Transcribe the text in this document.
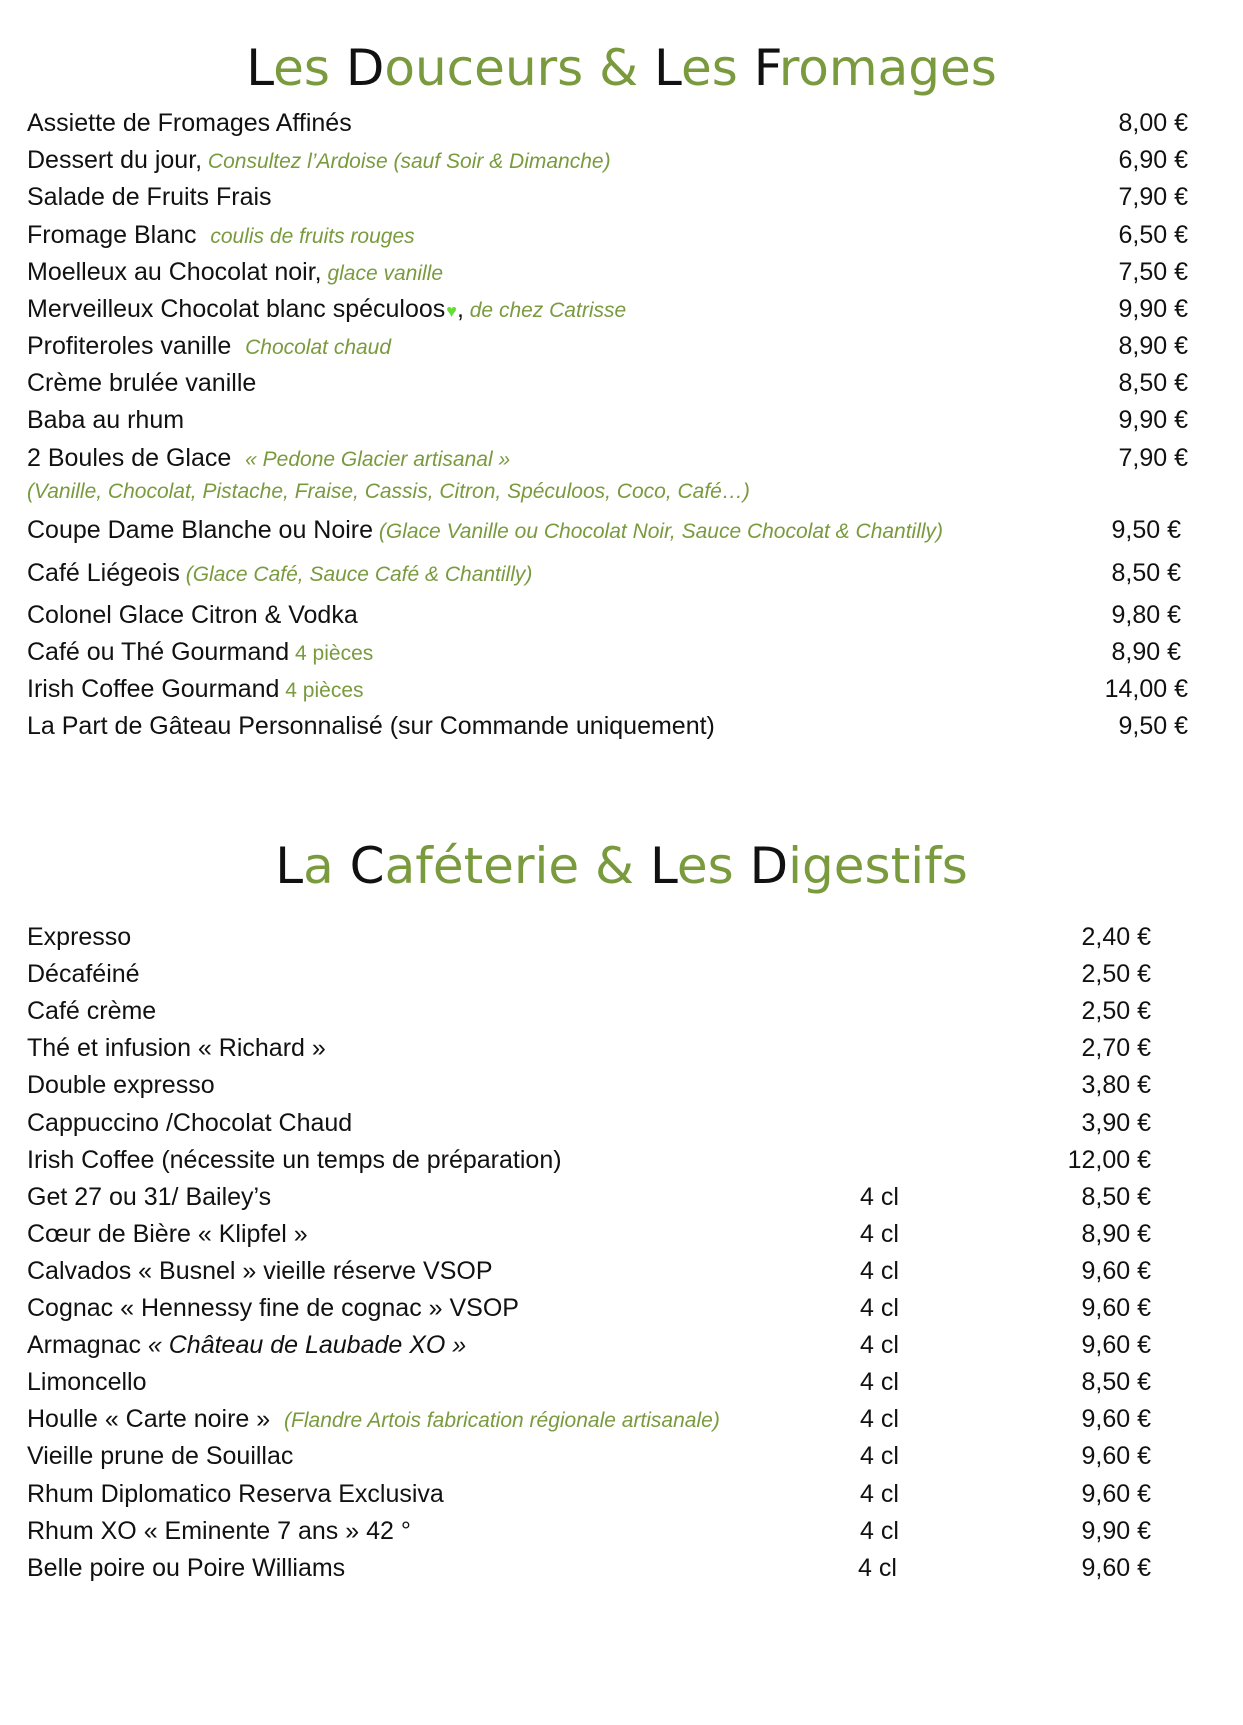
Les Douceurs & Les Fromages
Assiette de Fromages Affinés	8,00 €
Dessert du jour, Consultez l’Ardoise (sauf Soir & Dimanche)	6,90 €
Salade de Fruits Frais	7,90 €
Fromage Blanc coulis de fruits rouges	6,50 €
Moelleux au Chocolat noir, glace vanille	7,50 €
Merveilleux Chocolat blanc spéculoos♥, de chez Catrisse	9,90 €
Profiteroles vanille Chocolat chaud	8,90 €
Crème brulée vanille	8,50 €
Baba au rhum	9,90 €
2 Boules de Glace « Pedone Glacier artisanal »	7,90 €
(Vanille, Chocolat, Pistache, Fraise, Cassis, Citron, Spéculoos, Coco, Café…)
Coupe Dame Blanche ou Noire (Glace Vanille ou Chocolat Noir, Sauce Chocolat & Chantilly)	9,50 €
Café Liégeois (Glace Café, Sauce Café & Chantilly)	8,50 €
Colonel Glace Citron & Vodka	9,80 €
Café ou Thé Gourmand 4 pièces	8,90 €
Irish Coffee Gourmand 4 pièces	14,00 €
La Part de Gâteau Personnalisé (sur Commande uniquement)	9,50 €
La Caféterie & Les Digestifs
Expresso	2,40 €
Décaféiné	2,50 €
Café crème	2,50 €
Thé et infusion « Richard »	2,70 €
Double expresso	3,80 €
Cappuccino /Chocolat Chaud	3,90 €
Irish Coffee (nécessite un temps de préparation)	12,00 €
Get 27 ou 31/ Bailey’s	4 cl	8,50 €
Cœur de Bière « Klipfel »	4 cl	8,90 €
Calvados « Busnel » vieille réserve VSOP	4 cl	9,60 €
Cognac « Hennessy fine de cognac » VSOP	4 cl	9,60 €
Armagnac « Château de Laubade XO »	4 cl	9,60 €
Limoncello	4 cl	8,50 €
Houlle « Carte noire » (Flandre Artois fabrication régionale artisanale)	4 cl	9,60 €
Vieille prune de Souillac	4 cl	9,60 €
Rhum Diplomatico Reserva Exclusiva	4 cl	9,60 €
Rhum XO « Eminente 7 ans » 42 °	4 cl	9,90 €
Belle poire ou Poire Williams	4 cl	9,60 €
